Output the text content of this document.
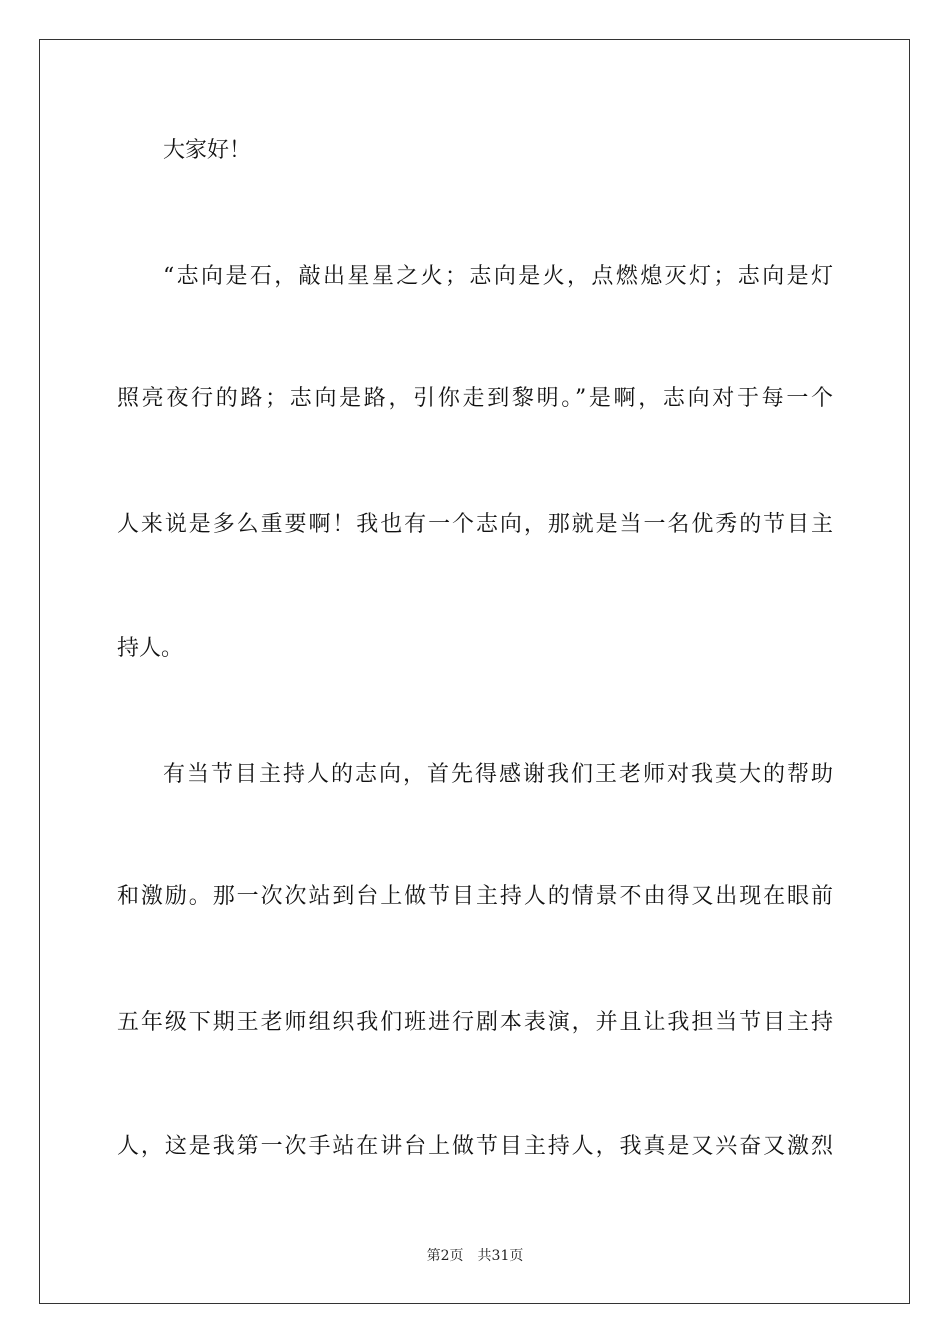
大家好！
“志向是石，敲出星星之火；志向是火，点燃熄灭灯；志向是灯
照亮夜行的路；志向是路，引你走到黎明。”是啊，志向对于每一个
人来说是多么重要啊！我也有一个志向，那就是当一名优秀的节目主
持人。
有当节目主持人的志向，首先得感谢我们王老师对我莫大的帮助
和激励。那一次次站到台上做节目主持人的情景不由得又出现在眼前
五年级下期王老师组织我们班进行剧本表演，并且让我担当节目主持
人，这是我第一次手站在讲台上做节目主持人，我真是又兴奋又激烈
第2页 共31页
